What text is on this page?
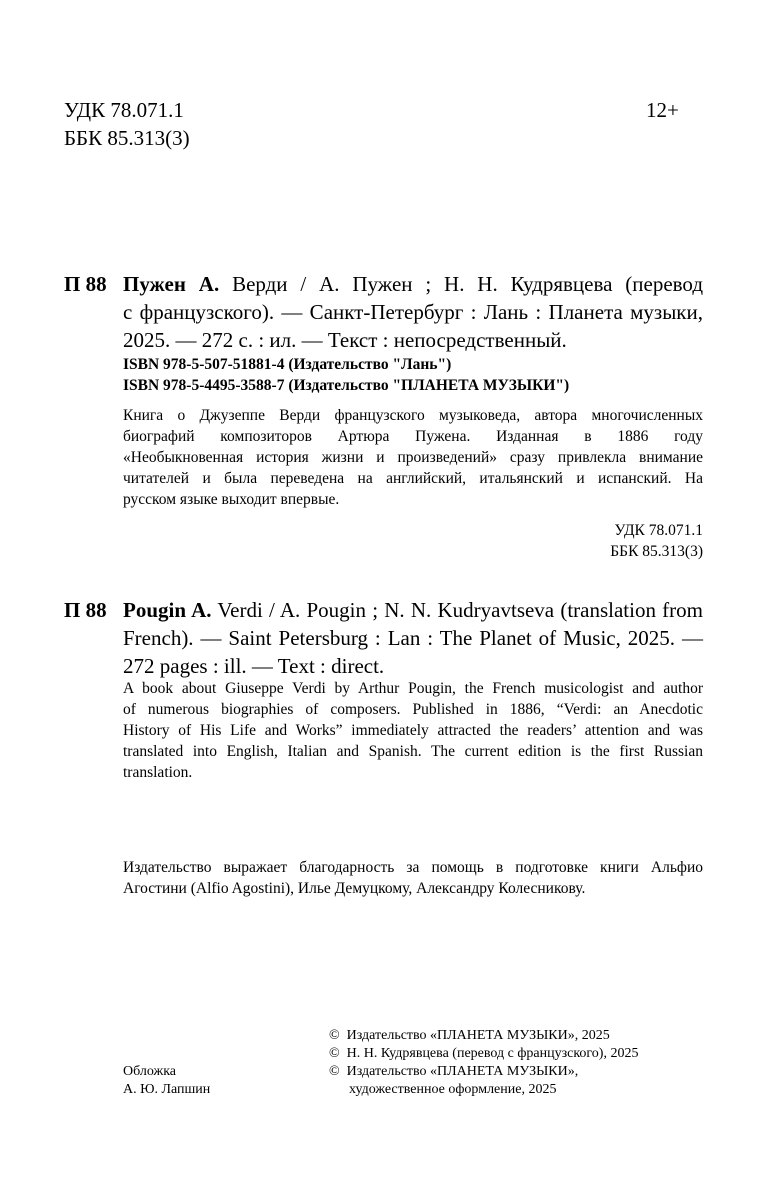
УДК 78.071.1
ББК 85.313(3)
12+
П 88 Пужен А. Верди / А. Пужен ; Н. Н. Кудрявцева (перевод
с французского). — Санкт-Петербург : Лань : Планета музыки,
2025. — 272 с. : ил. — Текст : непосредственный.
ISBN 978-5-507-51881-4 (Издательство "Лань")
ISBN 978-5-4495-3588-7 (Издательство "ПЛАНЕТА МУЗЫКИ")
Книга о Джузеппе Верди французского музыковеда, автора многочисленных
биографий композиторов Артюра Пужена. Изданная в 1886 году
«Необыкновенная история жизни и произведений» сразу привлекла внимание
читателей и была переведена на английский, итальянский и испанский. На
русском языке выходит впервые.
УДК 78.071.1
ББК 85.313(3)
П 88 Pougin A. Verdi / A. Pougin ; N. N. Kudryavtseva (translation from
French). — Saint Petersburg : Lan : The Planet of Music, 2025. —
272 pages : ill. — Text : direct.
A book about Giuseppe Verdi by Arthur Pougin, the French musicologist and author
of numerous biographies of composers. Published in 1886, “Verdi: an Anecdotic
History of His Life and Works” immediately attracted the readers’ attention and was
translated into English, Italian and Spanish. The current edition is the first Russian
translation.
Издательство выражает благодарность за помощь в подготовке книги Альфио
Агостини (Alfio Agostini), Илье Демуцкому, Александру Колесникову.
© Издательство «ПЛАНЕТА МУЗЫКИ», 2025
© Н. Н. Кудрявцева (перевод с французского), 2025
© Издательство «ПЛАНЕТА МУЗЫКИ»,
художественное оформление, 2025
Обложка
А. Ю. Лапшин
